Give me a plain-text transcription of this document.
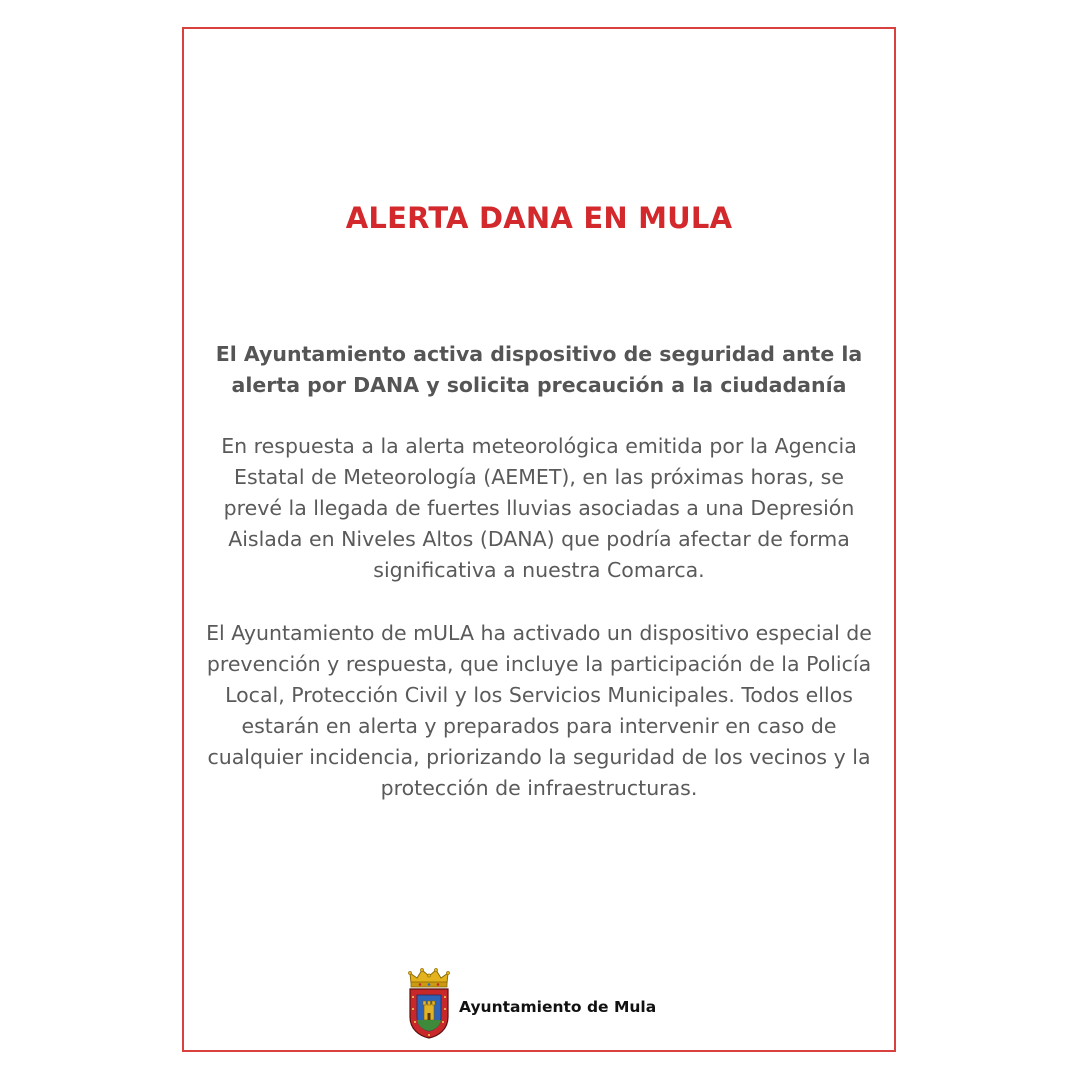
ALERTA DANA EN MULA
El Ayuntamiento activa dispositivo de seguridad ante la alerta por DANA y solicita precaución a la ciudadanía
En respuesta a la alerta meteorológica emitida por la Agencia Estatal de Meteorología (AEMET), en las próximas horas, se prevé la llegada de fuertes lluvias asociadas a una Depresión Aislada en Niveles Altos (DANA) que podría afectar de forma significativa a nuestra Comarca.
El Ayuntamiento de mULA ha activado un dispositivo especial de prevención y respuesta, que incluye la participación de la Policía Local, Protección Civil y los Servicios Municipales. Todos ellos estarán en alerta y preparados para intervenir en caso de cualquier incidencia, priorizando la seguridad de los vecinos y la protección de infraestructuras.
Ayuntamiento de Mula
